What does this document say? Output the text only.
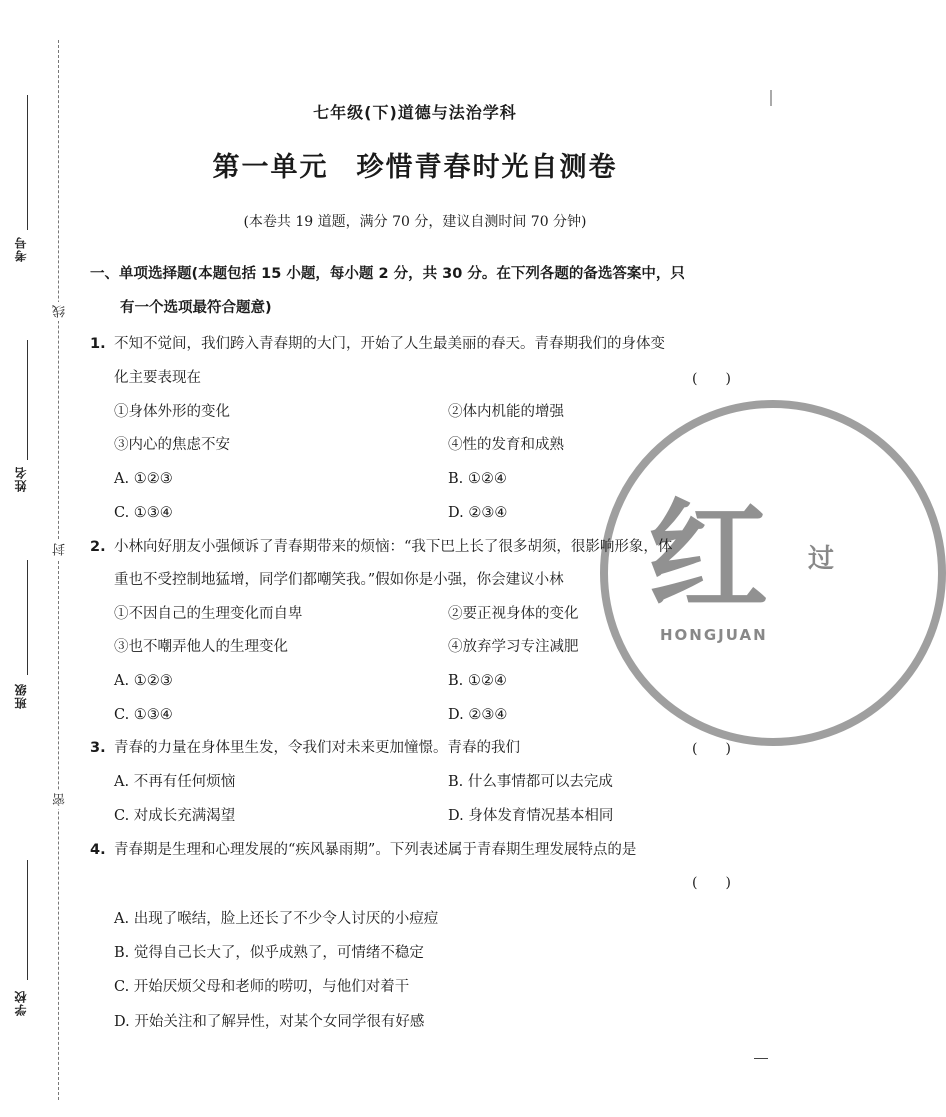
考号
姓名
班级
学校
线
封
密
红 过
HONGJUAN
七年级(下)道德与法治学科
第一单元 珍惜青春时光自测卷
(本卷共 19 道题，满分 70 分，建议自测时间 70 分钟)
一、单项选择题(本题包括 15 小题，每小题 2 分，共 30 分。在下列各题的备选答案中，只
有一个选项最符合题意)
1. 不知不觉间，我们跨入青春期的大门，开始了人生最美丽的春天。青春期我们的身体变
化主要表现在	(　　)
①身体外形的变化	②体内机能的增强
③内心的焦虑不安	④性的发育和成熟
A. ①②③	B. ①②④
C. ①③④	D. ②③④
2. 小林向好朋友小强倾诉了青春期带来的烦恼：“我下巴上长了很多胡须，很影响形象，体
重也不受控制地猛增，同学们都嘲笑我。”假如你是小强，你会建议小林
①不因自己的生理变化而自卑	②要正视身体的变化
③也不嘲弄他人的生理变化	④放弃学习专注减肥
A. ①②③	B. ①②④
C. ①③④	D. ②③④
3. 青春的力量在身体里生发，令我们对未来更加憧憬。青春的我们	(　　)
A. 不再有任何烦恼	B. 什么事情都可以去完成
C. 对成长充满渴望	D. 身体发育情况基本相同
4. 青春期是生理和心理发展的“疾风暴雨期”。下列表述属于青春期生理发展特点的是
(　　)
A. 出现了喉结，脸上还长了不少令人讨厌的小痘痘
B. 觉得自己长大了，似乎成熟了，可情绪不稳定
C. 开始厌烦父母和老师的唠叨，与他们对着干
D. 开始关注和了解异性，对某个女同学很有好感
